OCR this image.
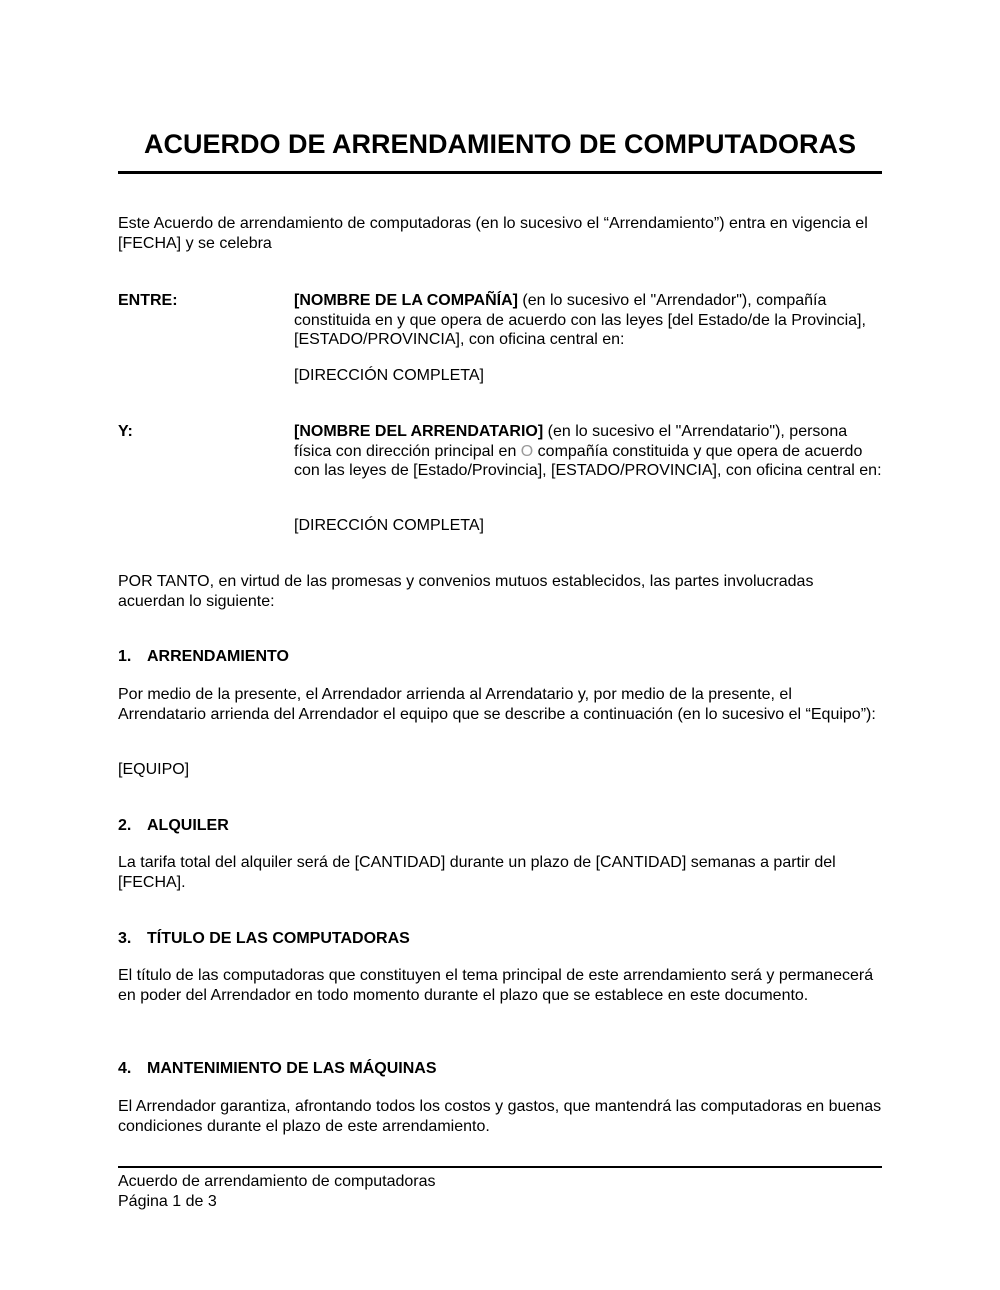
ACUERDO DE ARRENDAMIENTO DE COMPUTADORAS

Este Acuerdo de arrendamiento de computadoras (en lo sucesivo el “Arrendamiento”) entra en vigencia el [FECHA] y se celebra

ENTRE:	[NOMBRE DE LA COMPAÑÍA] (en lo sucesivo el "Arrendador"), compañía constituida en y que opera de acuerdo con las leyes [del Estado/de la Provincia], [ESTADO/PROVINCIA], con oficina central en:

[DIRECCIÓN COMPLETA]

Y:	[NOMBRE DEL ARRENDATARIO] (en lo sucesivo el "Arrendatario"), persona física con dirección principal en O compañía constituida y que opera de acuerdo con las leyes de [Estado/Provincia], [ESTADO/PROVINCIA], con oficina central en:

[DIRECCIÓN COMPLETA]

POR TANTO, en virtud de las promesas y convenios mutuos establecidos, las partes involucradas acuerdan lo siguiente:

1. ARRENDAMIENTO

Por medio de la presente, el Arrendador arrienda al Arrendatario y, por medio de la presente, el Arrendatario arrienda del Arrendador el equipo que se describe a continuación (en lo sucesivo el “Equipo”):

[EQUIPO]

2. ALQUILER

La tarifa total del alquiler será de [CANTIDAD] durante un plazo de [CANTIDAD] semanas a partir del [FECHA].

3. TÍTULO DE LAS COMPUTADORAS

El título de las computadoras que constituyen el tema principal de este arrendamiento será y permanecerá en poder del Arrendador en todo momento durante el plazo que se establece en este documento.

4. MANTENIMIENTO DE LAS MÁQUINAS

El Arrendador garantiza, afrontando todos los costos y gastos, que mantendrá las computadoras en buenas condiciones durante el plazo de este arrendamiento.

Acuerdo de arrendamiento de computadoras
Página 1 de 3
